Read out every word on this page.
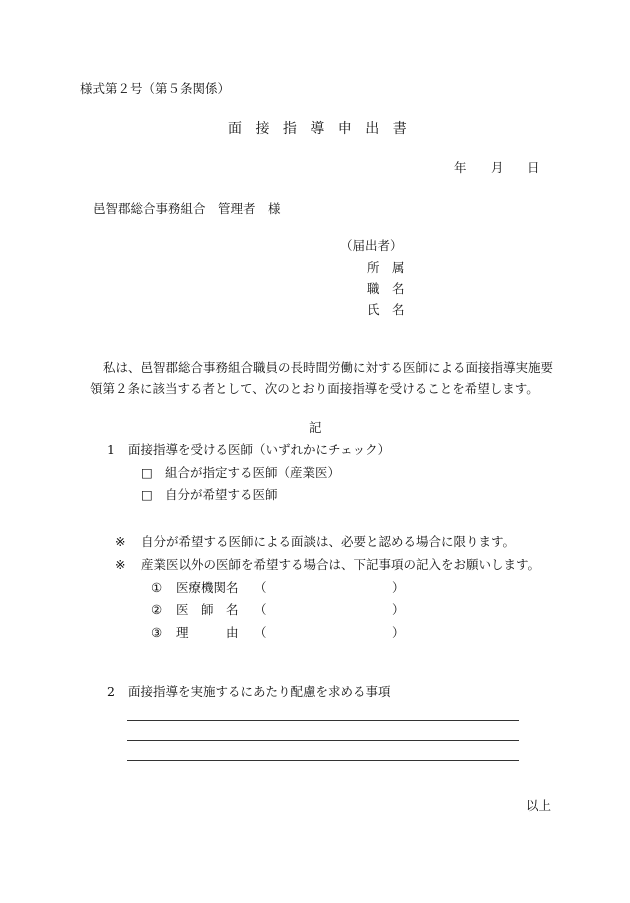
様式第２号（第５条関係）
面 接 指 導 申 出 書
年 月 日
邑智郡総合事務組合　管理者　様
（届出者）
所　属
職　名
氏　名
私は、邑智郡総合事務組合職員の長時間労働に対する医師による面接指導実施要
領第２条に該当する者として、次のとおり面接指導を受けることを希望します。
記
1 面接指導を受ける医師（いずれかにチェック）
□ 組合が指定する医師（産業医）
□ 自分が希望する医師
※ 自分が希望する医師による面談は、必要と認める場合に限ります。
※ 産業医以外の医師を希望する場合は、下記事項の記入をお願いします。
① 医療機関名 （	）
② 医　師　名 （	）
③ 理　　　由 （	）
2 面接指導を実施するにあたり配慮を求める事項
以上
